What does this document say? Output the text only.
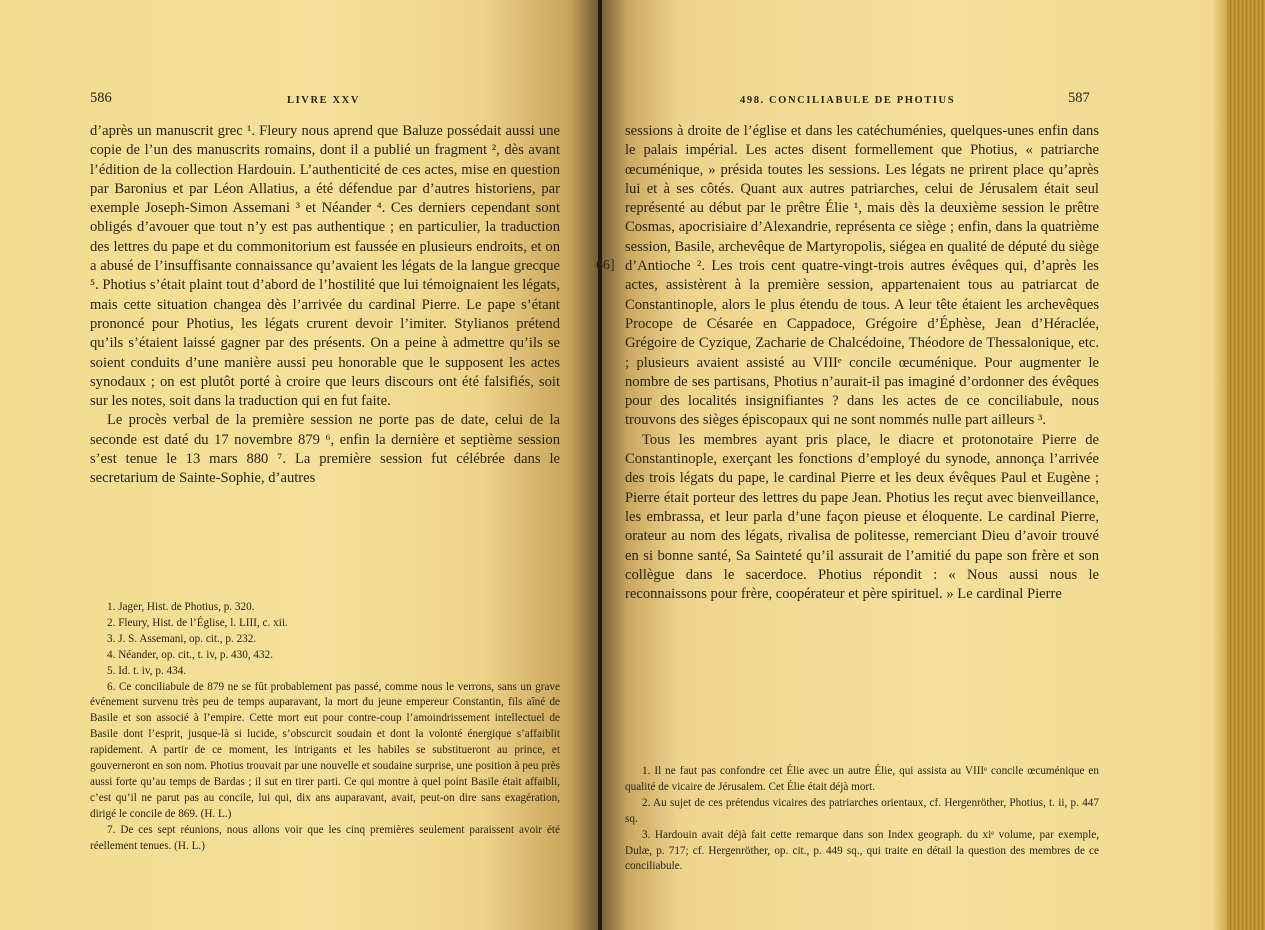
586	LIVRE XXV

d’après un manuscrit grec ¹. Fleury nous aprend que Baluze possédait aussi une copie de l’un des manuscrits romains, dont il a publié un fragment ², dès avant l’édition de la collection Hardouin. L’authenticité de ces actes, mise en question par Baronius et par Léon Allatius, a été défendue par d’autres historiens, par exemple Joseph-Simon Assemani ³ et Néander ⁴. Ces derniers cependant sont obligés d’avouer que tout n’y est pas authentique ; en particulier, la traduction des lettres du pape et du commonitorium est faussée en plusieurs endroits, et on a abusé de l’insuffisante connaissance qu’avaient les légats de la langue grecque ⁵. Photius s’était plaint tout d’abord de l’hostilité que lui témoignaient les légats, mais cette situation changea dès l’arrivée du cardinal Pierre. Le pape s’étant prononcé pour Photius, les légats crurent devoir l’imiter. Stylianos prétend qu’ils s’étaient laissé gagner par des présents. On a peine à admettre qu’ils se soient conduits d’une manière aussi peu honorable que le supposent les actes synodaux ; on est plutôt porté à croire que leurs discours ont été falsifiés, soit sur les notes, soit dans la traduction qui en fut faite.

Le procès verbal de la première session ne porte pas de date, celui de la seconde est daté du 17 novembre 879 ⁶, enfin la dernière et septième session s’est tenue le 13 mars 880 ⁷. La première session fut célébrée dans le secretarium de Sainte-Sophie, d’autres

1. Jager, Hist. de Photius, p. 320.

2. Fleury, Hist. de l’Église, l. LIII, c. xii.

3. J. S. Assemani, op. cit., p. 232.

4. Néander, op. cit., t. iv, p. 430, 432.

5. Id. t. iv, p. 434.

6. Ce conciliabule de 879 ne se fût probablement pas passé, comme nous le verrons, sans un grave événement survenu très peu de temps auparavant, la mort du jeune empereur Constantin, fils aîné de Basile et son associé à l’empire. Cette mort eut pour contre-coup l’amoindrissement intellectuel de Basile dont l’esprit, jusque-là si lucide, s’obscurcit soudain et dont la volonté énergique s’affaiblit rapidement. A partir de ce moment, les intrigants et les habiles se substitueront au prince, et gouverneront en son nom. Photius trouvait par une nouvelle et soudaine surprise, une position à peu près aussi forte qu’au temps de Bardas ; il sut en tirer parti. Ce qui montre à quel point Basile était affaibli, c’est qu’il ne parut pas au concile, lui qui, dix ans auparavant, avait, peut-on dire sans exagération, dirigé le concile de 869. (H. L.)

7. De ces sept réunions, nous allons voir que les cinq premières seulement paraissent avoir été réellement tenues. (H. L.)

498. CONCILIABULE DE PHOTIUS	587
66]

sessions à droite de l’église et dans les catéchuménies, quelques-unes enfin dans le palais impérial. Les actes disent formellement que Photius, « patriarche œcuménique, » présida toutes les sessions. Les légats ne prirent place qu’après lui et à ses côtés. Quant aux autres patriarches, celui de Jérusalem était seul représenté au début par le prêtre Élie ¹, mais dès la deuxième session le prêtre Cosmas, apocrisiaire d’Alexandrie, représenta ce siège ; enfin, dans la quatrième session, Basile, archevêque de Martyropolis, siégea en qualité de député du siège d’Antioche ². Les trois cent quatre-vingt-trois autres évêques qui, d’après les actes, assistèrent à la première session, appartenaient tous au patriarcat de Constantinople, alors le plus étendu de tous. A leur tête étaient les archevêques Procope de Césarée en Cappadoce, Grégoire d’Éphèse, Jean d’Héraclée, Grégoire de Cyzique, Zacharie de Chalcédoine, Théodore de Thessalonique, etc. ; plusieurs avaient assisté au VIIIᵉ concile œcuménique. Pour augmenter le nombre de ses partisans, Photius n’aurait-il pas imaginé d’ordonner des évêques pour des localités insignifiantes ? dans les actes de ce conciliabule, nous trouvons des sièges épiscopaux qui ne sont nommés nulle part ailleurs ³.

Tous les membres ayant pris place, le diacre et protonotaire Pierre de Constantinople, exerçant les fonctions d’employé du synode, annonça l’arrivée des trois légats du pape, le cardinal Pierre et les deux évêques Paul et Eugène ; Pierre était porteur des lettres du pape Jean. Photius les reçut avec bienveillance, les embrassa, et leur parla d’une façon pieuse et éloquente. Le cardinal Pierre, orateur au nom des légats, rivalisa de politesse, remerciant Dieu d’avoir trouvé en si bonne santé, Sa Sainteté qu’il assurait de l’amitié du pape son frère et son collègue dans le sacerdoce. Photius répondit : « Nous aussi nous le reconnaissons pour frère, coopérateur et père spirituel. » Le cardinal Pierre

1. Il ne faut pas confondre cet Élie avec un autre Élie, qui assista au VIIIᵉ concile œcuménique en qualité de vicaire de Jérusalem. Cet Élie était déjà mort.

2. Au sujet de ces prétendus vicaires des patriarches orientaux, cf. Hergenröther, Photius, t. ii, p. 447 sq.

3. Hardouin avait déjà fait cette remarque dans son Index geograph. du xiᵉ volume, par exemple, Dulæ, p. 717; cf. Hergenröther, op. cit., p. 449 sq., qui traite en détail la question des membres de ce conciliabule.
